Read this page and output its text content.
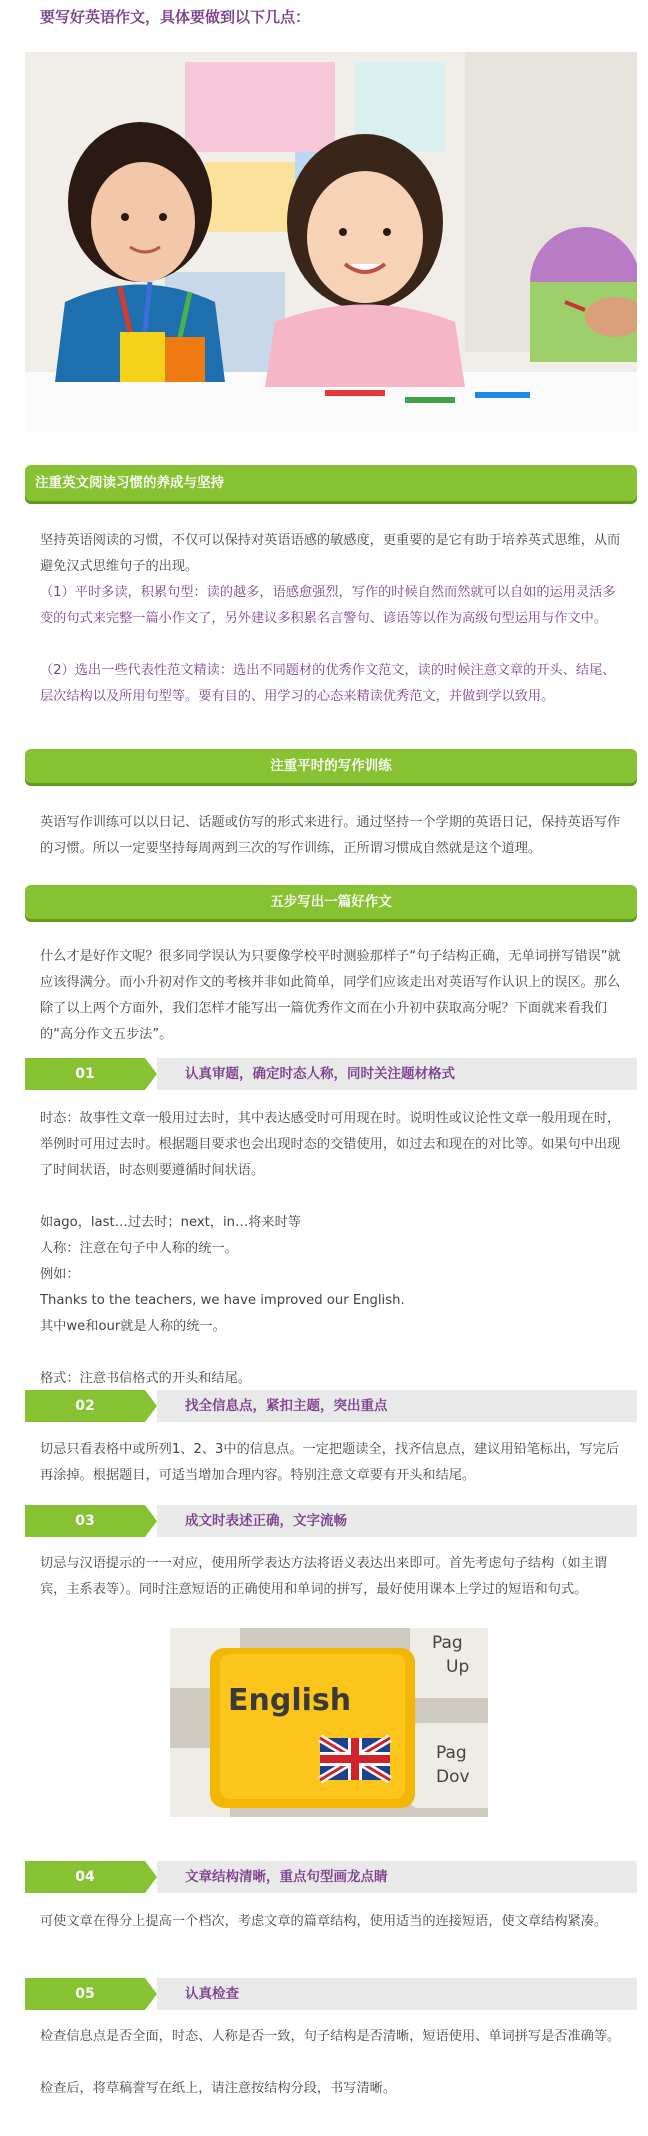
要写好英语作文，具体要做到以下几点：
注重英文阅读习惯的养成与坚持

坚持英语阅读的习惯，不仅可以保持对英语语感的敏感度，更重要的是它有助于培养英式思维，从而避免汉式思维句子的出现。

（1）平时多读，积累句型：读的越多，语感愈强烈，写作的时候自然而然就可以自如的运用灵活多变的句式来完整一篇小作文了，另外建议多积累名言警句、谚语等以作为高级句型运用与作文中。

（2）选出一些代表性范文精读：选出不同题材的优秀作文范文，读的时候注意文章的开头、结尾、层次结构以及所用句型等。要有目的、用学习的心态来精读优秀范文，并做到学以致用。

注重平时的写作训练

英语写作训练可以以日记、话题或仿写的形式来进行。通过坚持一个学期的英语日记，保持英语写作的习惯。所以一定要坚持每周两到三次的写作训练，正所谓习惯成自然就是这个道理。

五步写出一篇好作文

什么才是好作文呢？很多同学误认为只要像学校平时测验那样子“句子结构正确，无单词拼写错误”就应该得满分。而小升初对作文的考核并非如此简单，同学们应该走出对英语写作认识上的误区。那么除了以上两个方面外，我们怎样才能写出一篇优秀作文而在小升初中获取高分呢？下面就来看我们的“高分作文五步法”。

01	认真审题，确定时态人称，同时关注题材格式

时态：故事性文章一般用过去时，其中表达感受时可用现在时。说明性或议论性文章一般用现在时，举例时可用过去时。根据题目要求也会出现时态的交错使用，如过去和现在的对比等。如果句中出现了时间状语，时态则要遵循时间状语。

如ago，last…过去时；next，in…将来时等

人称：注意在句子中人称的统一。

例如：

Thanks to the teachers, we have improved our English.

其中we和our就是人称的统一。

格式：注意书信格式的开头和结尾。

02	找全信息点，紧扣主题，突出重点

切忌只看表格中或所列1、2、3中的信息点。一定把题读全，找齐信息点，建议用铅笔标出，写完后再涂掉。根据题目，可适当增加合理内容。特别注意文章要有开头和结尾。

03	成文时表述正确，文字流畅

切忌与汉语提示的一一对应，使用所学表达方法将语义表达出来即可。首先考虑句子结构（如主谓宾，主系表等）。同时注意短语的正确使用和单词的拼写，最好使用课本上学过的短语和句式。

Pag Up
Pag Dov
English
04	文章结构清晰，重点句型画龙点睛

可使文章在得分上提高一个档次，考虑文章的篇章结构，使用适当的连接短语，使文章结构紧凑。

05	认真检查

检查信息点是否全面，时态、人称是否一致，句子结构是否清晰，短语使用、单词拼写是否准确等。

检查后，将草稿誊写在纸上，请注意按结构分段，书写清晰。
